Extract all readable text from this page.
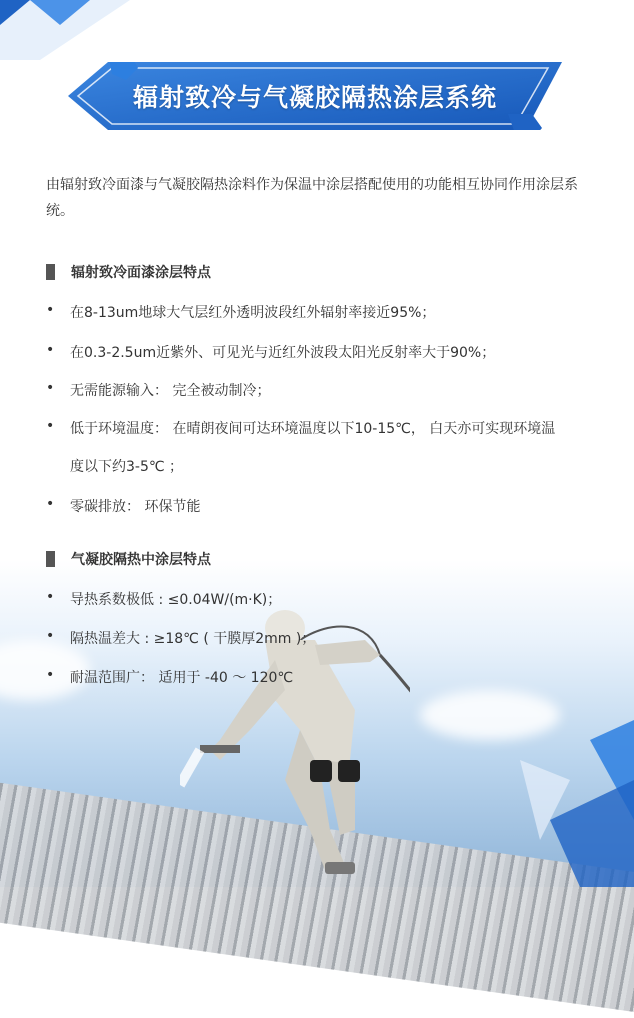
辐射致冷与气凝胶隔热涂层系统
由辐射致冷面漆与气凝胶隔热涂料作为保温中涂层搭配使用的功能相互协同作用涂层系统。
辐射致冷面漆涂层特点
• 在8-13um地球大气层红外透明波段红外辐射率接近95%；
• 在0.3-2.5um近紫外、可见光与近红外波段太阳光反射率大于90%；
• 无需能源输入： 完全被动制冷；
• 低于环境温度： 在晴朗夜间可达环境温度以下10-15℃， 白天亦可实现环境温
度以下约3-5℃ ；
• 零碳排放： 环保节能
气凝胶隔热中涂层特点
• 导热系数极低 : ≤0.04W/(m·K)；
• 隔热温差大 : ≥18℃ ( 干膜厚2mm )；
• 耐温范围广： 适用于 -40 ～ 120℃
